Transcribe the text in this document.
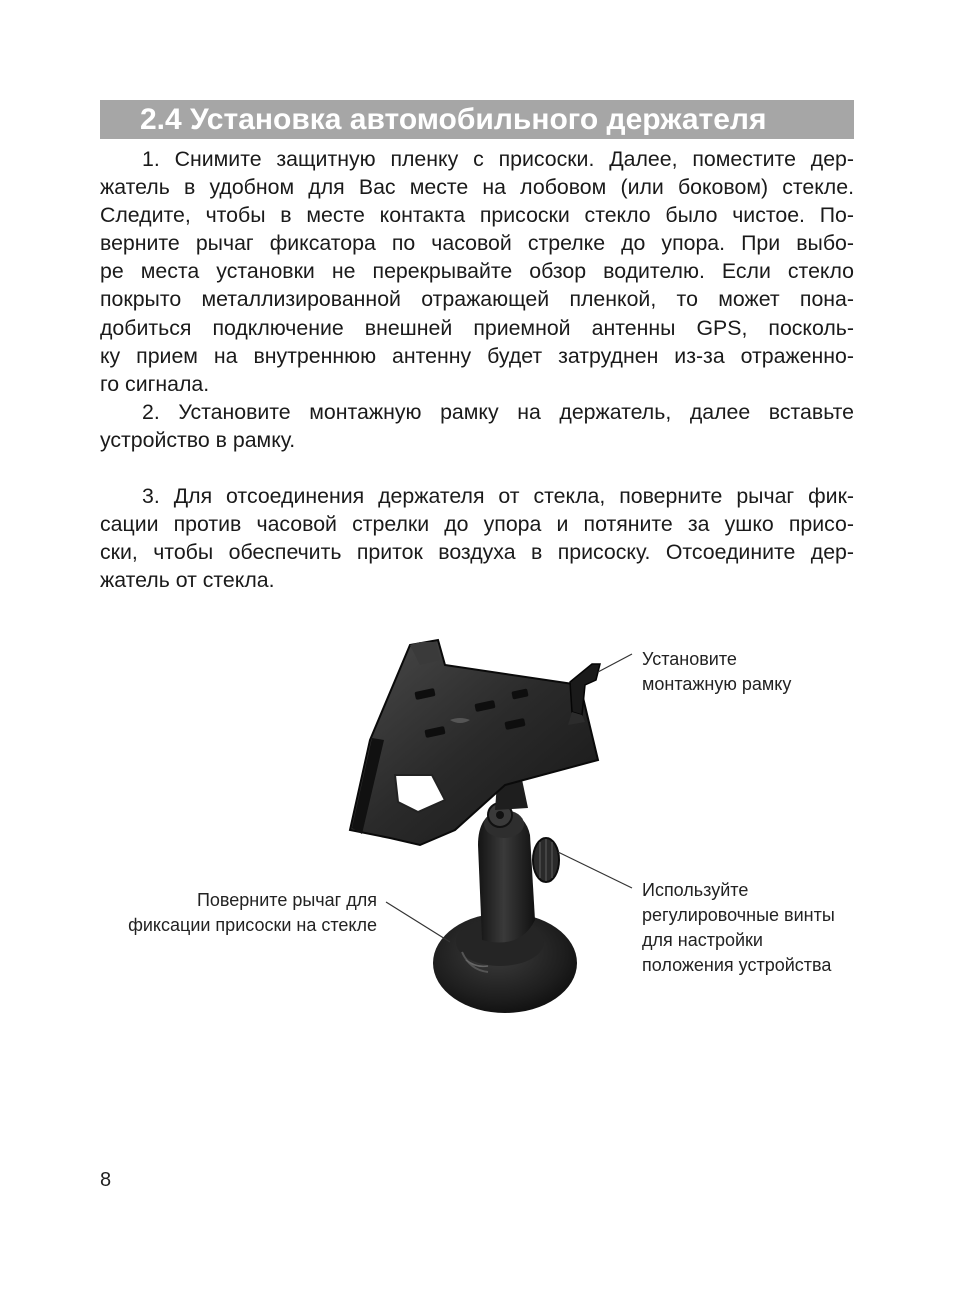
2.4 Установка автомобильного держателя
1. Снимите защитную пленку с присоски. Далее, поместите дер-
жатель в удобном для Вас месте на лобовом (или боковом) стекле.
Следите, чтобы в месте контакта присоски стекло было чистое. По-
верните рычаг фиксатора по часовой стрелке до упора. При выбо-
ре места установки не перекрывайте обзор водителю. Если стекло
покрыто металлизированной отражающей пленкой, то может пона-
добиться подключение внешней приемной антенны GPS, посколь-
ку прием на внутреннюю антенну будет затруднен из-за отраженно-
го сигнала.
2. Установите монтажную рамку на держатель, далее вставьте
устройство в рамку.
3. Для отсоединения держателя от стекла, поверните рычаг фик-
сации против часовой стрелки до упора и потяните за ушко присо-
ски, чтобы обеспечить приток воздуха в присоску. Отсоедините дер-
жатель от стекла.
Установите
монтажную рамку
Используйте
регулировочные винты
для настройки
положения устройства
Поверните рычаг для
фиксации присоски на стекле
8
